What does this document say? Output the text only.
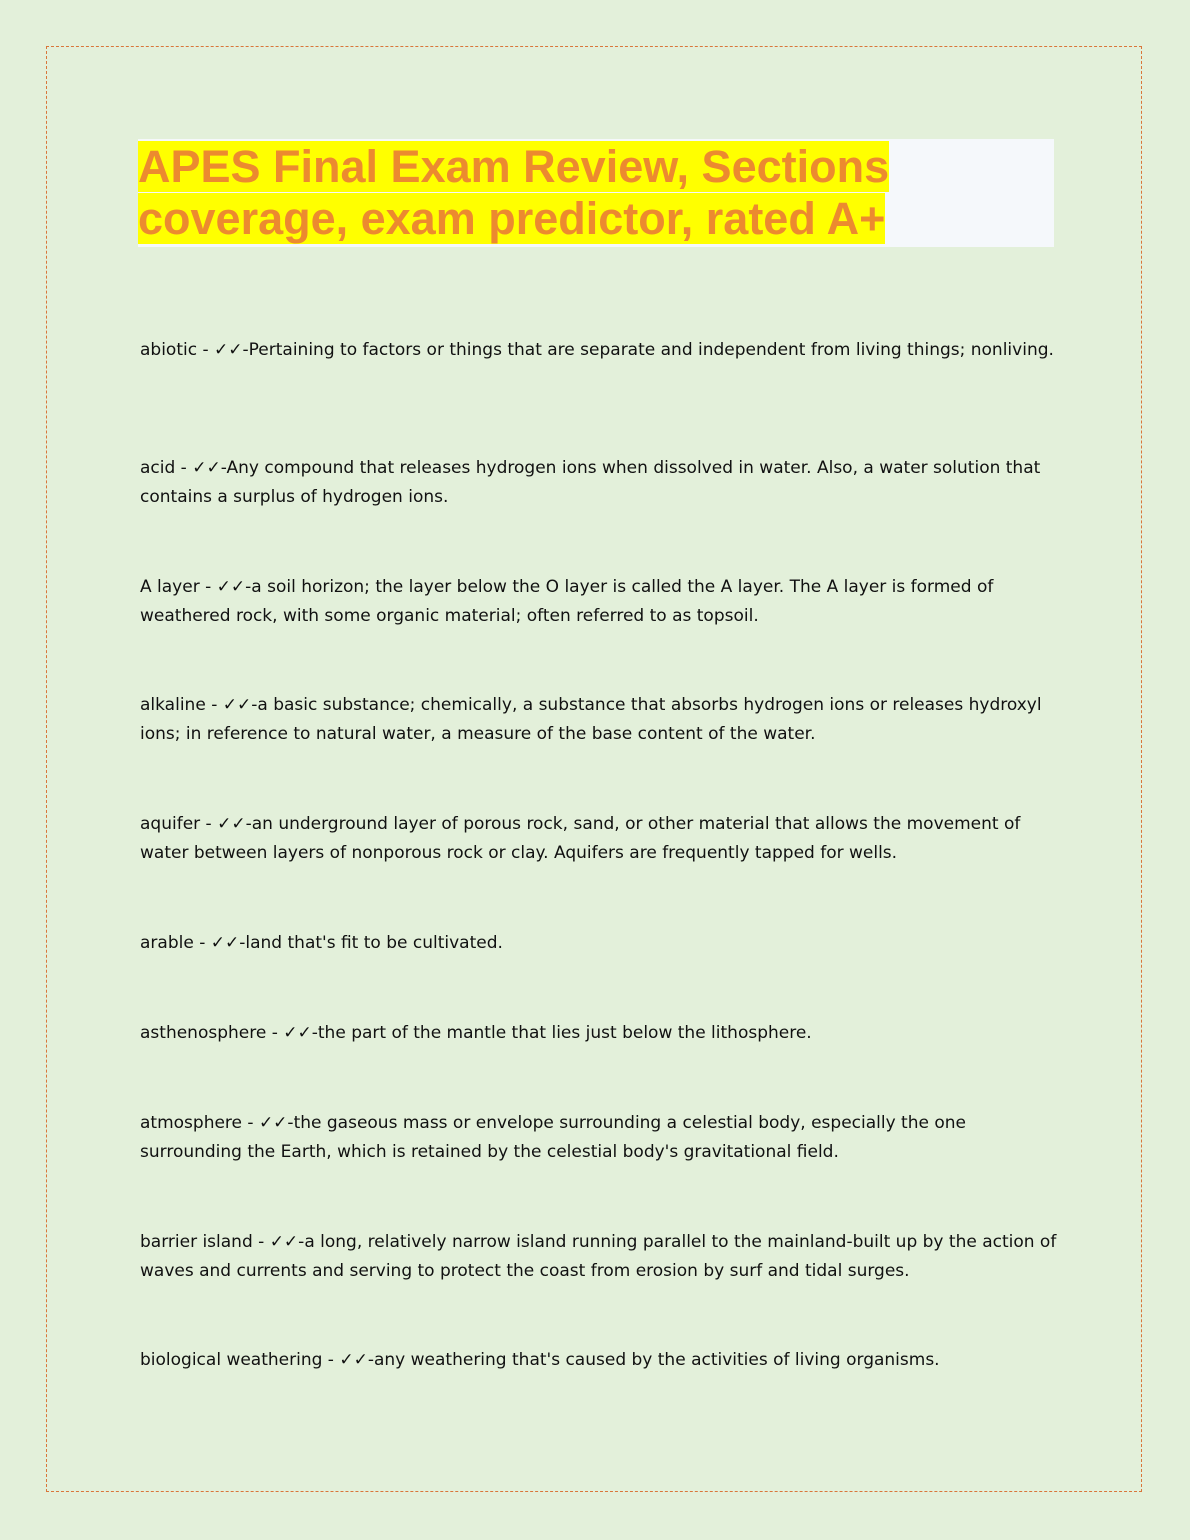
APES Final Exam Review, Sections
coverage, exam predictor, rated A+

abiotic - ✓✓-Pertaining to factors or things that are separate and independent from living things; nonliving.

acid - ✓✓-Any compound that releases hydrogen ions when dissolved in water. Also, a water solution that contains a surplus of hydrogen ions.

A layer - ✓✓-a soil horizon; the layer below the O layer is called the A layer. The A layer is formed of weathered rock, with some organic material; often referred to as topsoil.

alkaline - ✓✓-a basic substance; chemically, a substance that absorbs hydrogen ions or releases hydroxyl ions; in reference to natural water, a measure of the base content of the water.

aquifer - ✓✓-an underground layer of porous rock, sand, or other material that allows the movement of water between layers of nonporous rock or clay. Aquifers are frequently tapped for wells.

arable - ✓✓-land that's fit to be cultivated.

asthenosphere - ✓✓-the part of the mantle that lies just below the lithosphere.

atmosphere - ✓✓-the gaseous mass or envelope surrounding a celestial body, especially the one surrounding the Earth, which is retained by the celestial body's gravitational field.

barrier island - ✓✓-a long, relatively narrow island running parallel to the mainland-built up by the action of waves and currents and serving to protect the coast from erosion by surf and tidal surges.

biological weathering - ✓✓-any weathering that's caused by the activities of living organisms.
